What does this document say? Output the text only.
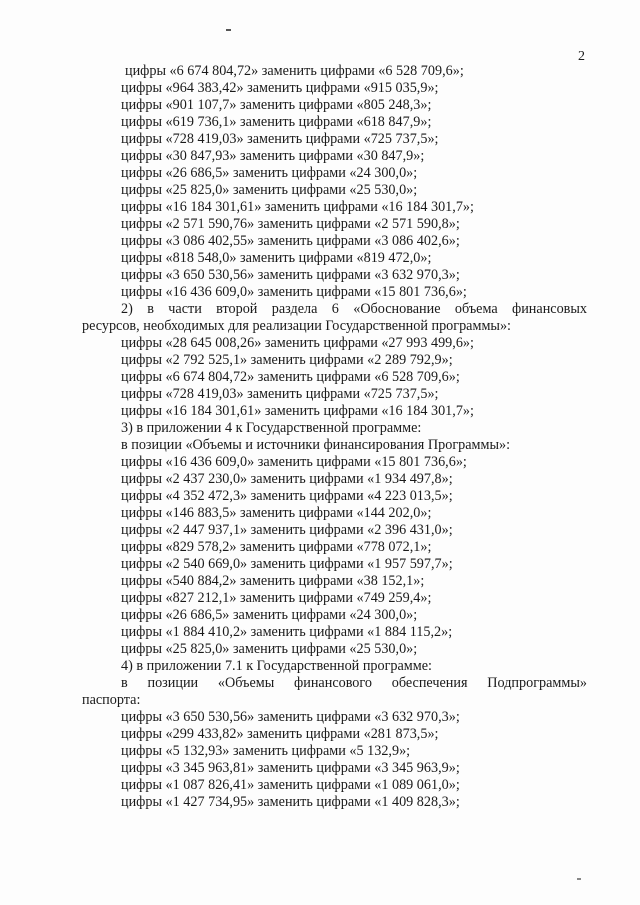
2
цифры «6 674 804,72» заменить цифрами «6 528 709,6»;
цифры «964 383,42» заменить цифрами «915 035,9»;
цифры «901 107,7» заменить цифрами «805 248,3»;
цифры «619 736,1» заменить цифрами «618 847,9»;
цифры «728 419,03» заменить цифрами «725 737,5»;
цифры «30 847,93» заменить цифрами «30 847,9»;
цифры «26 686,5» заменить цифрами «24 300,0»;
цифры «25 825,0» заменить цифрами «25 530,0»;
цифры «16 184 301,61» заменить цифрами «16 184 301,7»;
цифры «2 571 590,76» заменить цифрами «2 571 590,8»;
цифры «3 086 402,55» заменить цифрами «3 086 402,6»;
цифры «818 548,0» заменить цифрами «819 472,0»;
цифры «3 650 530,56» заменить цифрами «3 632 970,3»;
цифры «16 436 609,0» заменить цифрами «15 801 736,6»;
2) в части второй раздела 6 «Обоснование объема финансовых
ресурсов, необходимых для реализации Государственной программы»:
цифры «28 645 008,26» заменить цифрами «27 993 499,6»;
цифры «2 792 525,1» заменить цифрами «2 289 792,9»;
цифры «6 674 804,72» заменить цифрами «6 528 709,6»;
цифры «728 419,03» заменить цифрами «725 737,5»;
цифры «16 184 301,61» заменить цифрами «16 184 301,7»;
3) в приложении 4 к Государственной программе:
в позиции «Объемы и источники финансирования Программы»:
цифры «16 436 609,0» заменить цифрами «15 801 736,6»;
цифры «2 437 230,0» заменить цифрами «1 934 497,8»;
цифры «4 352 472,3» заменить цифрами «4 223 013,5»;
цифры «146 883,5» заменить цифрами «144 202,0»;
цифры «2 447 937,1» заменить цифрами «2 396 431,0»;
цифры «829 578,2» заменить цифрами «778 072,1»;
цифры «2 540 669,0» заменить цифрами «1 957 597,7»;
цифры «540 884,2» заменить цифрами «38 152,1»;
цифры «827 212,1» заменить цифрами «749 259,4»;
цифры «26 686,5» заменить цифрами «24 300,0»;
цифры «1 884 410,2» заменить цифрами «1 884 115,2»;
цифры «25 825,0» заменить цифрами «25 530,0»;
4) в приложении 7.1 к Государственной программе:
в позиции «Объемы финансового обеспечения Подпрограммы»
паспорта:
цифры «3 650 530,56» заменить цифрами «3 632 970,3»;
цифры «299 433,82» заменить цифрами «281 873,5»;
цифры «5 132,93» заменить цифрами «5 132,9»;
цифры «3 345 963,81» заменить цифрами «3 345 963,9»;
цифры «1 087 826,41» заменить цифрами «1 089 061,0»;
цифры «1 427 734,95» заменить цифрами «1 409 828,3»;
